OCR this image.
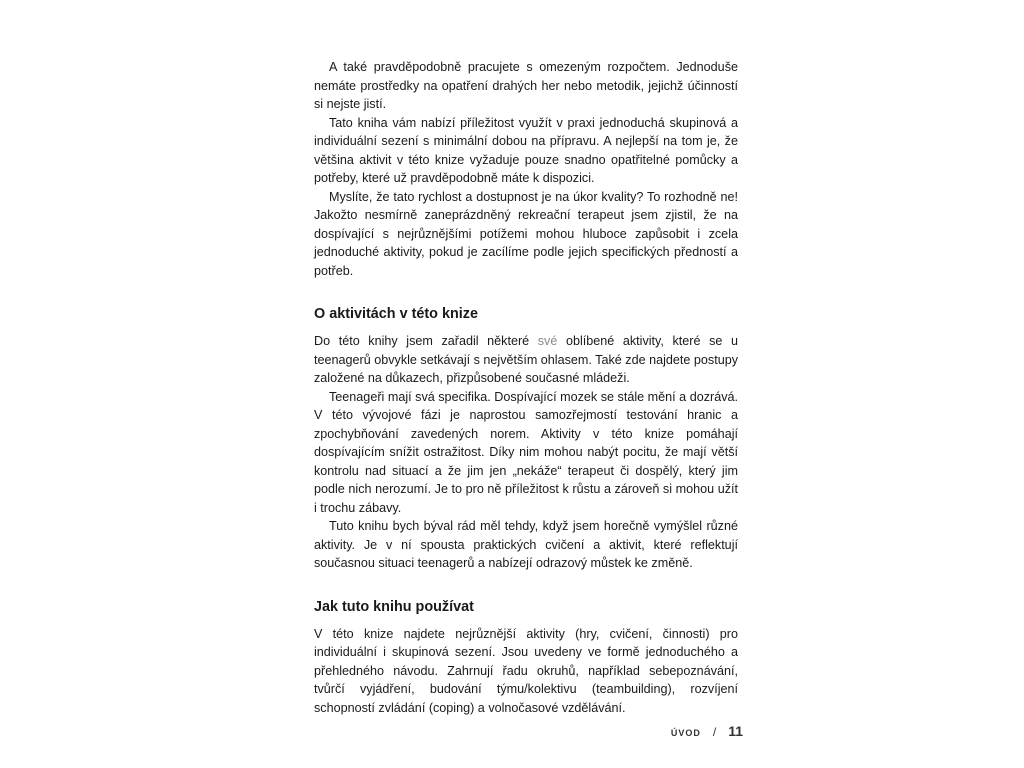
A také pravděpodobně pracujete s omezeným rozpočtem. Jednoduše nemáte prostředky na opatření drahých her nebo metodik, jejichž účinností si nejste jistí.

Tato kniha vám nabízí příležitost využít v praxi jednoduchá skupinová a individuální sezení s minimální dobou na přípravu. A nejlepší na tom je, že většina aktivit v této knize vyžaduje pouze snadno opatřitelné pomůcky a potřeby, které už pravděpodobně máte k dispozici.

Myslíte, že tato rychlost a dostupnost je na úkor kvality? To rozhodně ne! Jakožto nesmírně zaneprázdněný rekreační terapeut jsem zjistil, že na dospívající s nejrůznějšími potížemi mohou hluboce zapůsobit i zcela jednoduché aktivity, pokud je zacílíme podle jejich specifických předností a potřeb.

O aktivitách v této knize

Do této knihy jsem zařadil některé své oblíbené aktivity, které se u teenagerů obvykle setkávají s největším ohlasem. Také zde najdete postupy založené na důkazech, přizpůsobené současné mládeži.

Teenageři mají svá specifika. Dospívající mozek se stále mění a dozrává. V této vývojové fázi je naprostou samozřejmostí testování hranic a zpochybňování zavedených norem. Aktivity v této knize pomáhají dospívajícím snížit ostražitost. Díky nim mohou nabýt pocitu, že mají větší kontrolu nad situací a že jim jen „nekáže“ terapeut či dospělý, který jim podle nich nerozumí. Je to pro ně příležitost k růstu a zároveň si mohou užít i trochu zábavy.

Tuto knihu bych býval rád měl tehdy, když jsem horečně vymýšlel různé aktivity. Je v ní spousta praktických cvičení a aktivit, které reflektují současnou situaci teenagerů a nabízejí odrazový můstek ke změně.

Jak tuto knihu používat

V této knize najdete nejrůznější aktivity (hry, cvičení, činnosti) pro individuální i skupinová sezení. Jsou uvedeny ve formě jednoduchého a přehledného návodu. Zahrnují řadu okruhů, například sebepoznávání, tvůrčí vyjádření, budování týmu/kolektivu (teambuilding), rozvíjení schopností zvládání (coping) a volnočasové vzdělávání.

ÚVOD / 11
